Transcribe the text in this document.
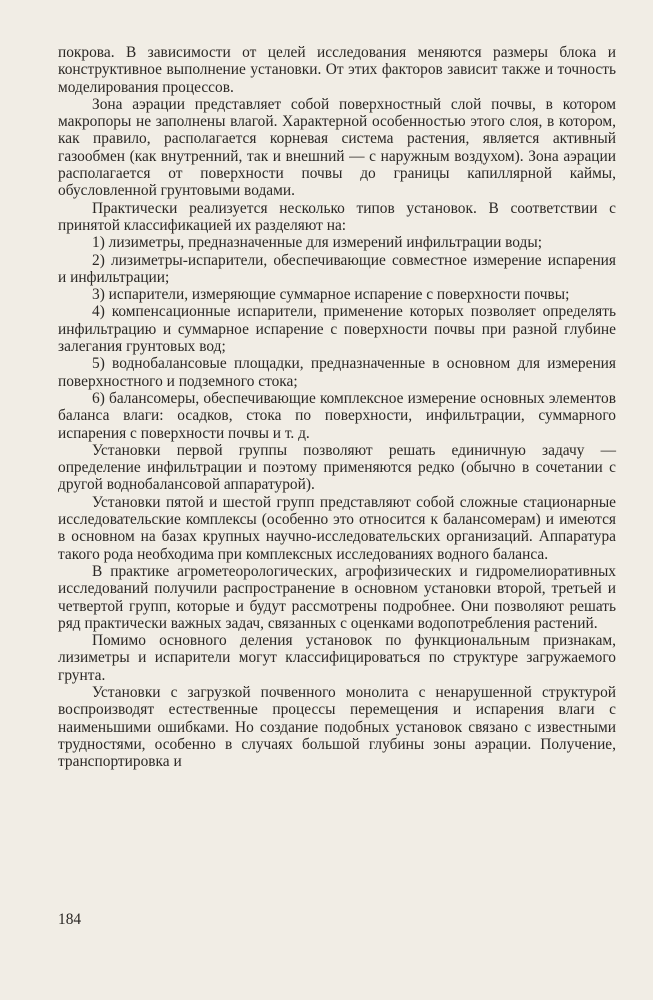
покрова. В зависимости от целей исследования меняются размеры блока и конструктивное выполнение установки. От этих факторов зависит также и точность моделирования процессов.

Зона аэрации представляет собой поверхностный слой почвы, в котором макропоры не заполнены влагой. Характерной особенностью этого слоя, в котором, как правило, располагается корневая система растения, является активный газообмен (как внутренний, так и внешний — с наружным воздухом). Зона аэрации располагается от поверхности почвы до границы капиллярной каймы, обусловленной грунтовыми водами.

Практически реализуется несколько типов установок. В соответствии с принятой классификацией их разделяют на:

1) лизиметры, предназначенные для измерений инфильтрации воды;

2) лизиметры-испарители, обеспечивающие совместное измерение испарения и инфильтрации;

3) испарители, измеряющие суммарное испарение с поверхности почвы;

4) компенсационные испарители, применение которых позволяет определять инфильтрацию и суммарное испарение с поверхности почвы при разной глубине залегания грунтовых вод;

5) воднобалансовые площадки, предназначенные в основном для измерения поверхностного и подземного стока;

6) балансомеры, обеспечивающие комплексное измерение основных элементов баланса влаги: осадков, стока по поверхности, инфильтрации, суммарного испарения с поверхности почвы и т. д.

Установки первой группы позволяют решать единичную задачу — определение инфильтрации и поэтому применяются редко (обычно в сочетании с другой воднобалансовой аппаратурой).

Установки пятой и шестой групп представляют собой сложные стационарные исследовательские комплексы (особенно это относится к балансомерам) и имеются в основном на базах крупных научно-исследовательских организаций. Аппаратура такого рода необходима при комплексных исследованиях водного баланса.

В практике агрометеорологических, агрофизических и гидромелиоративных исследований получили распространение в основном установки второй, третьей и четвертой групп, которые и будут рассмотрены подробнее. Они позволяют решать ряд практически важных задач, связанных с оценками водопотребления растений.

Помимо основного деления установок по функциональным признакам, лизиметры и испарители могут классифицироваться по структуре загружаемого грунта.

Установки с загрузкой почвенного монолита с ненарушенной структурой воспроизводят естественные процессы перемещения и испарения влаги с наименьшими ошибками. Но создание подобных установок связано с известными трудностями, особенно в случаях большой глубины зоны аэрации. Получение, транспортировка и

184
